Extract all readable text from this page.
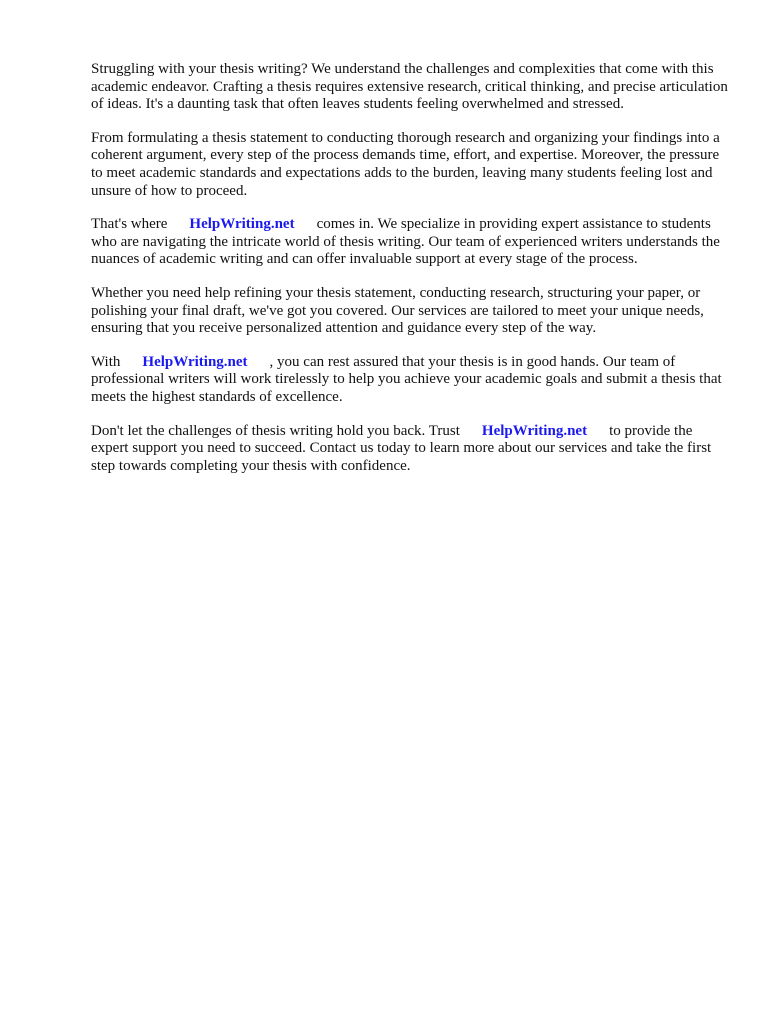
Struggling with your thesis writing? We understand the challenges and complexities that come with this academic endeavor. Crafting a thesis requires extensive research, critical thinking, and precise articulation of ideas. It's a daunting task that often leaves students feeling overwhelmed and stressed.

From formulating a thesis statement to conducting thorough research and organizing your findings into a coherent argument, every step of the process demands time, effort, and expertise. Moreover, the pressure to meet academic standards and expectations adds to the burden, leaving many students feeling lost and unsure of how to proceed.

That's where HelpWriting.net comes in. We specialize in providing expert assistance to students who are navigating the intricate world of thesis writing. Our team of experienced writers understands the nuances of academic writing and can offer invaluable support at every stage of the process.

Whether you need help refining your thesis statement, conducting research, structuring your paper, or polishing your final draft, we've got you covered. Our services are tailored to meet your unique needs, ensuring that you receive personalized attention and guidance every step of the way.

With HelpWriting.net , you can rest assured that your thesis is in good hands. Our team of professional writers will work tirelessly to help you achieve your academic goals and submit a thesis that meets the highest standards of excellence.

Don't let the challenges of thesis writing hold you back. Trust HelpWriting.net to provide the expert support you need to succeed. Contact us today to learn more about our services and take the first step towards completing your thesis with confidence.
